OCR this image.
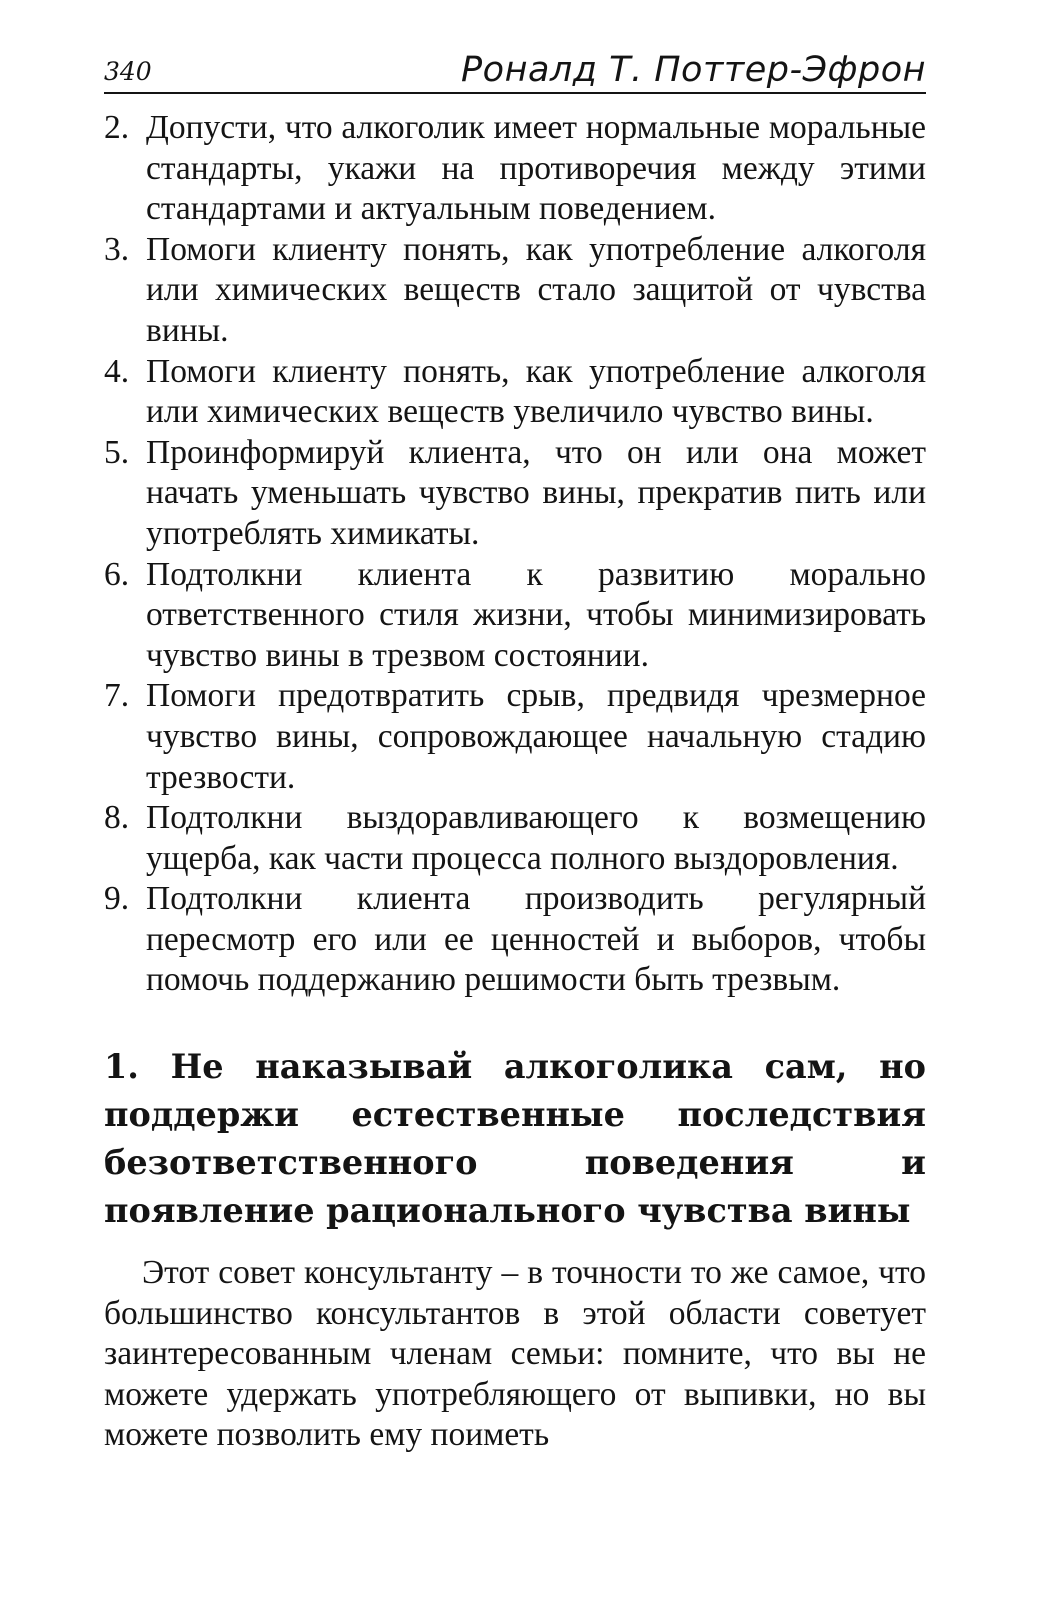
340	Роналд Т. Поттер-Эфрон
2. Допусти, что алкоголик имеет нормальные моральные стандарты, укажи на противоречия между этими стандартами и актуальным поведением.
3. Помоги клиенту понять, как употребление алкоголя или химических веществ стало защитой от чувства вины.
4. Помоги клиенту понять, как употребление алкоголя или химических веществ увеличило чувство вины.
5. Проинформируй клиента, что он или она может начать уменьшать чувство вины, прекратив пить или употреблять химикаты.
6. Подтолкни клиента к развитию морально ответственного стиля жизни, чтобы минимизировать чувство вины в трезвом состоянии.
7. Помоги предотвратить срыв, предвидя чрезмерное чувство вины, сопровождающее начальную стадию трезвости.
8. Подтолкни выздоравливающего к возмещению ущерба, как части процесса полного выздоровления.
9. Подтолкни клиента производить регулярный пересмотр его или ее ценностей и выборов, чтобы помочь поддержанию решимости быть трезвым.
1. Не наказывай алкоголика сам, но поддержи естественные последствия безответственного поведения и появление рационального чувства вины

Этот совет консультанту – в точности то же самое, что большинство консультантов в этой области советует заинтересованным членам семьи: помните, что вы не можете удержать употребляющего от выпивки, но вы можете позволить ему поиметь
